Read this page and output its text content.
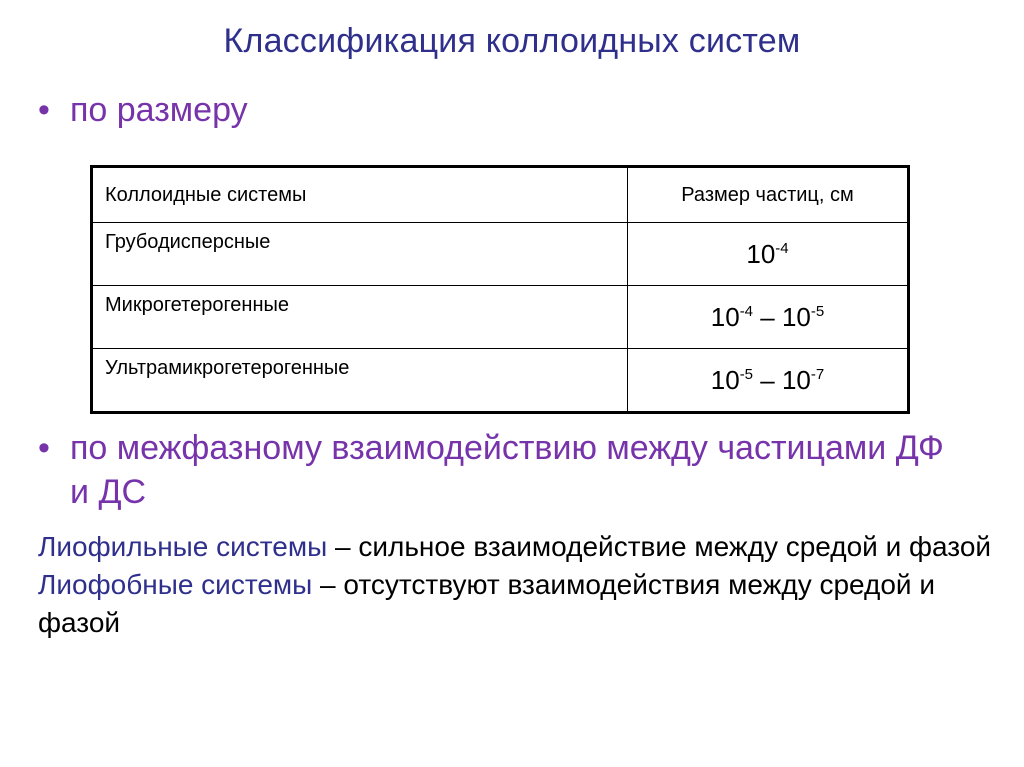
Классификация коллоидных систем
• по размеру
Коллоидные системы	Размер частиц, см
Грубодисперсные	$10^{-4}$
Микрогетерогенные	$10^{-4} - 10^{-5}$
Ультрамикрогетерогенные	$10^{-5} - 10^{-7}$
• по межфазному взаимодействию между частицами ДФ и ДС

Лиофильные системы – сильное взаимодействие между средой и фазой

Лиофобные системы – отсутствуют взаимодействия между средой и фазой
